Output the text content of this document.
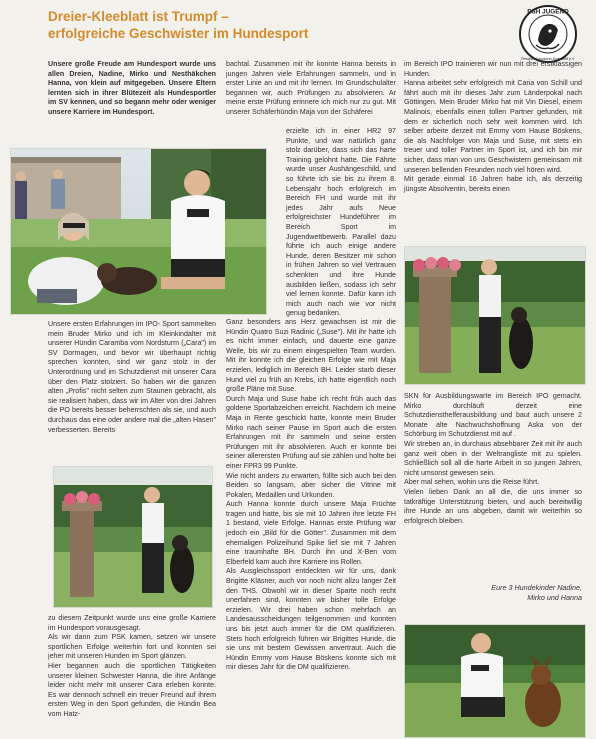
Dreier-Kleeblatt ist Trumpf –
erfolgreiche Geschwister im Hundesport
PSH JUGEND
Pinscher-Schnauzer-Klub 1895 e.V.

Unsere große Freude am Hundesport wurde uns allen Dreien, Nadine, Mirko und Nesthäkchen Hanna, von klein auf mitgegeben. Unsere Eltern lernten sich in ihrer Blütezeit als Hundesportler im SV kennen, und so begann mehr oder weniger unsere Karriere im Hundesport.

Unsere ersten Erfahrungen im IPO- Sport sammelten mein Bruder Mirko und ich im Kleinkindalter mit unserer Hündin Caramba vom Nordsturm („Cara") im SV Dormagen, und bevor wir überhaupt richtig sprechen konnten, sind wir ganz stolz in der Unterordnung und im Schutzdienst mit unserer Cara über den Platz stolziert. So haben wir die ganzen alten „Profis" nicht selten zum Staunen gebracht, als sie realisiert haben, dass wir im Alter von drei Jahren die PO bereits besser beherrschten als sie, und auch durchaus das eine oder andere mal die „alten Hasen" verbesserten. Bereits

zu diesem Zeitpunkt wurde uns eine große Karriere im Hundesport vorausgesagt.
Als wir dann zum PSK kamen, setzen wir unsere sportlichen Erfolge weiterhin fort und konnten sei jeher mit unseren Hunden im Sport glänzen.
Hier begannen auch die sportlichen Tätigkeiten unserer kleinen Schwester Hanna, die ihre Anfänge leider nicht mehr mit unserer Cara erleben konnte. Es war dennoch schnell ein treuer Freund auf ihrem ersten Weg in den Sport gefunden, die Hündin Bea vom Hatz-

bachtal. Zusammen mit ihr konnte Hanna bereits in jungen Jahren viele Erfahrungen sammeln, und in erster Linie an und mit ihr lernen. Im Grundschulalter begannen wir, auch Prüfungen zu absolvieren. Ar meine erste Prüfung erinnere ich mich nur zu gut. Mit unserer Schäferhündin Maja von der Schäferei

erzielte ich in einer HR2 97 Punkte, und war natürlich ganz stolz darüber, dass sich das harte Training gelohnt hatte. Die Fährte wurde unser Aushängeschild, und so führte ich sie bis zu ihrem 8. Lebensjahr hoch erfolgreich im Bereich FH und wurde mit ihr jedes Jahr aufs Neue erfolgreichster Hundeführer im Bereich Sport im Jugendwettbewerb. Parallel dazu führte ich auch einige andere Hunde, deren Besitzer mir schon in frühen Jahren so viel Vertrauen schenkten und ihre Hunde ausbilden ließen, sodass ich sehr viel lernen konnte. Dafür kann ich mich auch nach wie vor nicht genug bedanken.

Ganz besonders ans Herz gewachsen ist mir die Hündin Quatro Suzi Radinic („Suse"). Mit ihr hatte ich es nicht immer einfach, und dauerte eine ganze Weile, bis wir zu einem eingespielten Team wurden. Mit ihr konnte ich die gleichen Erfolge wie mit Maja erzielen, lediglich im Bereich BH. Leider starb dieser Hund viel zu früh an Krebs, ich hatte eigentlich noch große Pläne mit Suse.
Durch Maja und Suse habe ich recht früh auch das goldene Sportabzeichen erreicht. Nachdem ich meine Maja in Rente geschickt hatte, konnte mein Bruder Mirko nach seiner Pause im Sport auch die ersten Erfahrungen mit ihr sammeln und seine ersten Prüfungen mit ihr absolvieren. Auch er konnte bei seiner allerersten Prüfung auf sie zählen und holte bei einer FPR3 99 Punkte.
Wie nicht anders zu erwarten, füllte sich auch bei den Beiden so langsam, aber sicher die Vitrine mit Pokalen, Medaillen und Urkunden.
Auch Hanna konnte durch unsere Maja Früchte tragen und hatte, bis sie mit 10 Jahren ihre letzte FH 1 bestand, viele Erfolge. Hannas erste Prüfung war jedoch ein „Bild für die Götter". Zusammen mit dem ehemaligen Polizeihund Spike lief sie mit 7 Jahren eine traumhafte BH. Durch ihn und X-Ben vom Elberfeld kam auch ihre Karriere ins Rollen.
Als Ausgleichssport entdeckten wir für uns, dank Brigitte Kläsner, auch vor noch nicht allzu langer Zeit den THS. Obwohl wir in dieser Sparte noch recht unerfahren sind, konnten wir bisher tolle Erfolge erzielen. Wir drei haben schon mehrfach an Landesausscheidungen teilgenommen und konnten uns bis jetzt auch immer für die DM qualifizieren. Stets hoch erfolgreich führen wir Brigittes Hunde, die sie uns mit bestem Gewissen anvertraut. Auch die Hündin Emmy vom Hause Böskens konnte sich mit mir dieses Jahr für die DM qualifizieren.

im Bereich IPO trainieren wir nun mit drei erstklassigen Hunden.
Hanna arbeitet sehr erfolgreich mit Caria von Schill und fährt auch mit ihr dieses Jahr zum Länderpokal nach Göttingen. Mein Bruder Mirko hat mit Vin Diesel, einem Malinois, ebenfalls einen tollen Partner gefunden, mit dem er sicherlich noch sehr weit kommen wird. Ich selber arbeite derzeit mit Emmy vom Hause Böskens, die als Nachfolger von Maja und Suse, mit stets ein treuer und toller Partner im Sport ist, und ich bin mir sicher, dass man von uns Geschwistern gemeinsam mit unseren bellenden Freunden noch viel hören wird.
Mit gerade einmal 16 Jahren habe ich, als derzeitig jüngste Absolventin, bereits einen

SKN für Ausbildungswarte im Bereich IPO gemacht. Mirko durchläuft derzeit eine Schutzdiensthelferausbildung und baut auch unsere 2 Monate alte Nachwuchshoffnung Aska von der Schörburg im Schutzdienst mit auf .
Wir streben an, in durchaus absehbarer Zeit mit ihr auch ganz weit oben in der Weltrangliste mit zu spielen. Schließlich soll all die harte Arbeit in so jungen Jahren, nicht umsonst gewesen sein.
Aber mal sehen, wohin uns die Reise führt.
Vielen lieben Dank an all die, die uns immer so tatkräftige Unterstützung bieten, und auch bereitwillig ihre Hunde an uns abgeben, damit wir weiterhin so erfolgreich bleiben.

Eure 3 Hundekinder Nadine,
Mirko und Hanna
